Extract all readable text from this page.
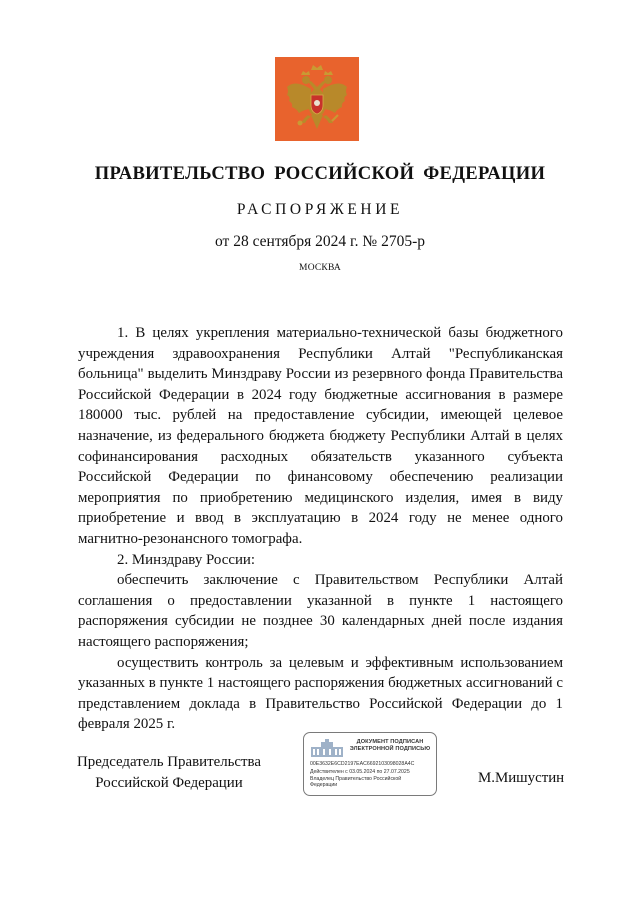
ПРАВИТЕЛЬСТВО РОССИЙСКОЙ ФЕДЕРАЦИИ
РАСПОРЯЖЕНИЕ
от 28 сентября 2024 г. № 2705-р
МОСКВА

1. В целях укрепления материально-технической базы бюджетного учреждения здравоохранения Республики Алтай "Республиканская больница" выделить Минздраву России из резервного фонда Правительства Российской Федерации в 2024 году бюджетные ассигнования в размере 180000 тыс. рублей на предоставление субсидии, имеющей целевое назначение, из федерального бюджета бюджету Республики Алтай в целях софинансирования расходных обязательств указанного субъекта Российской Федерации по финансовому обеспечению реализации мероприятия по приобретению медицинского изделия, имея в виду приобретение и ввод в эксплуатацию в 2024 году не менее одного магнитно-резонансного томографа.

2. Минздраву России:

обеспечить заключение с Правительством Республики Алтай соглашения о предоставлении указанной в пункте 1 настоящего распоряжения субсидии не позднее 30 календарных дней после издания настоящего распоряжения;

осуществить контроль за целевым и эффективным использованием указанных в пункте 1 настоящего распоряжения бюджетных ассигнований с представлением доклада в Правительство Российской Федерации до 1 февраля 2025 г.

Председатель Правительства
Российской Федерации
ДОКУМЕНТ ПОДПИСАН
ЭЛЕКТРОННОЙ ПОДПИСЬЮ
00E3632E6CD2197EAC6692103098028A4C
Действителен с 03.05.2024 по 27.07.2025
Владелец Правительство Российской
Федерации	М.Мишустин
